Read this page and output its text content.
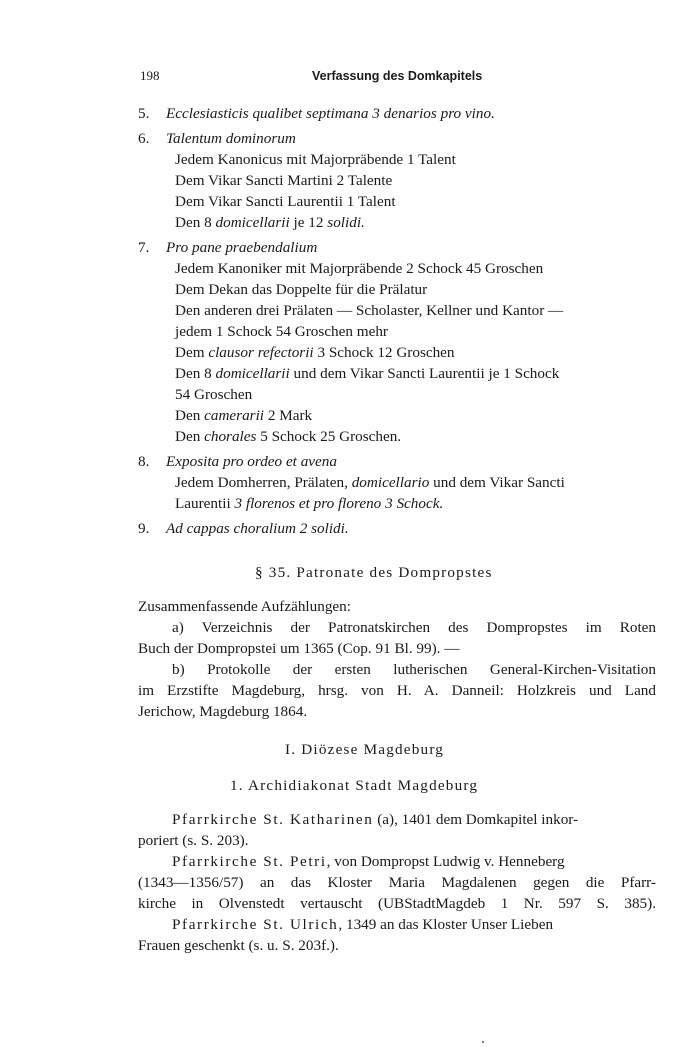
198	Verfassung des Domkapitels
5. Ecclesiasticis qualibet septimana 3 denarios pro vino.
6. Talentum dominorum
Jedem Kanonicus mit Majorpräbende 1 Talent
Dem Vikar Sancti Martini 2 Talente
Dem Vikar Sancti Laurentii 1 Talent
Den 8 domicellarii je 12 solidi.
7. Pro pane praebendalium
Jedem Kanoniker mit Majorpräbende 2 Schock 45 Groschen
Dem Dekan das Doppelte für die Prälatur
Den anderen drei Prälaten — Scholaster, Kellner und Kantor —
jedem 1 Schock 54 Groschen mehr
Dem clausor refectorii 3 Schock 12 Groschen
Den 8 domicellarii und dem Vikar Sancti Laurentii je 1 Schock
54 Groschen
Den camerarii 2 Mark
Den chorales 5 Schock 25 Groschen.
8. Exposita pro ordeo et avena
Jedem Domherren, Prälaten, domicellario und dem Vikar Sancti
Laurentii 3 florenos et pro floreno 3 Schock.
9. Ad cappas choralium 2 solidi.
§ 35. Patronate des Dompropstes
Zusammenfassende Aufzählungen:
a) Verzeichnis der Patronatskirchen des Dompropstes im Roten
Buch der Dompropstei um 1365 (Cop. 91 Bl. 99). —
b) Protokolle der ersten lutherischen General-Kirchen-Visitation
im Erzstifte Magdeburg, hrsg. von H. A. Danneil: Holzkreis und Land
Jerichow, Magdeburg 1864.
I. Diözese Magdeburg
1. Archidiakonat Stadt Magdeburg
Pfarrkirche St. Katharinen (a), 1401 dem Domkapitel inkor-
poriert (s. S. 203).
Pfarrkirche St. Petri, von Dompropst Ludwig v. Henneberg
(1343—1356/57) an das Kloster Maria Magdalenen gegen die Pfarr-
kirche in Olvenstedt vertauscht (UBStadtMagdeb 1 Nr. 597 S. 385).
Pfarrkirche St. Ulrich, 1349 an das Kloster Unser Lieben
Frauen geschenkt (s. u. S. 203f.).
